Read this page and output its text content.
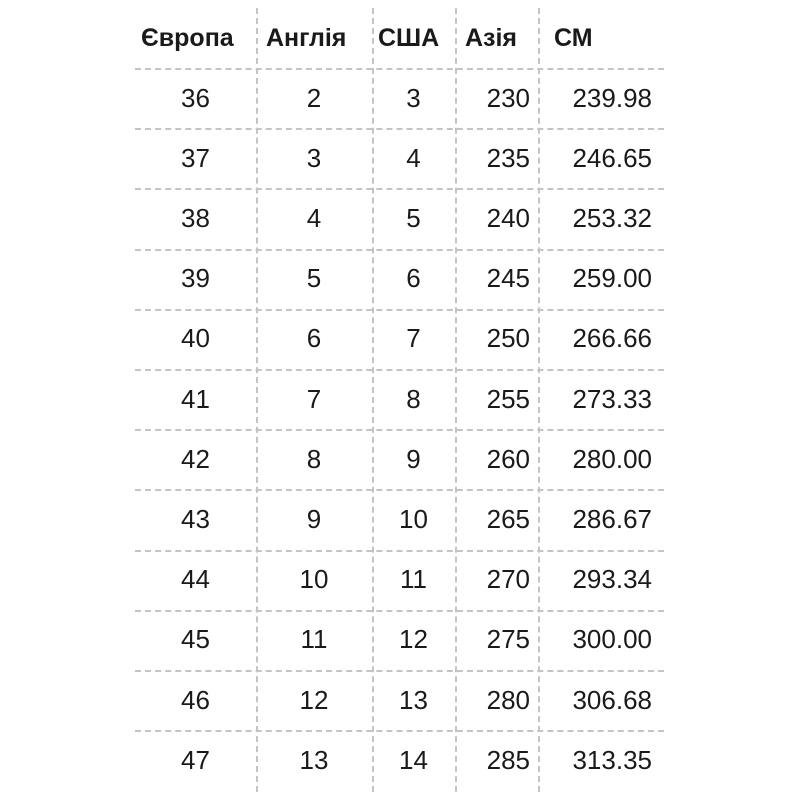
Європа	Англія	США	Азія	СМ
36	2	3	230	239.98
37	3	4	235	246.65
38	4	5	240	253.32
39	5	6	245	259.00
40	6	7	250	266.66
41	7	8	255	273.33
42	8	9	260	280.00
43	9	10	265	286.67
44	10	11	270	293.34
45	11	12	275	300.00
46	12	13	280	306.68
47	13	14	285	313.35
